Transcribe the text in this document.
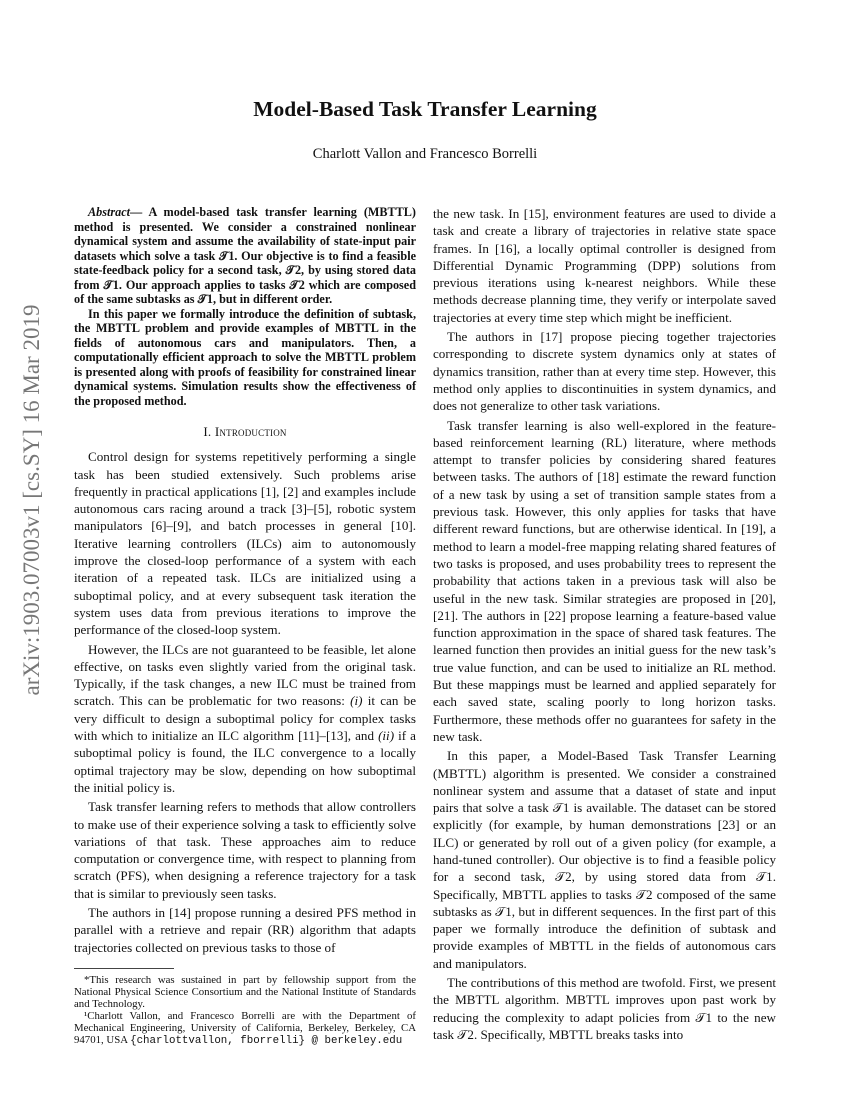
arXiv:1903.07003v1 [cs.SY] 16 Mar 2019
Model-Based Task Transfer Learning
Charlott Vallon and Francesco Borrelli

Abstract— A model-based task transfer learning (MBTTL) method is presented. We consider a constrained nonlinear dynamical system and assume the availability of state-input pair datasets which solve a task 𝒯1. Our objective is to find a feasible state-feedback policy for a second task, 𝒯2, by using stored data from 𝒯1. Our approach applies to tasks 𝒯2 which are composed of the same subtasks as 𝒯1, but in different order.

In this paper we formally introduce the definition of subtask, the MBTTL problem and provide examples of MBTTL in the fields of autonomous cars and manipulators. Then, a computationally efficient approach to solve the MBTTL problem is presented along with proofs of feasibility for constrained linear dynamical systems. Simulation results show the effectiveness of the proposed method.

I. Introduction

Control design for systems repetitively performing a single task has been studied extensively. Such problems arise frequently in practical applications [1], [2] and examples include autonomous cars racing around a track [3]–[5], robotic system manipulators [6]–[9], and batch processes in general [10]. Iterative learning controllers (ILCs) aim to autonomously improve the closed-loop performance of a system with each iteration of a repeated task. ILCs are initialized using a suboptimal policy, and at every subsequent task iteration the system uses data from previous iterations to improve the performance of the closed-loop system.

However, the ILCs are not guaranteed to be feasible, let alone effective, on tasks even slightly varied from the original task. Typically, if the task changes, a new ILC must be trained from scratch. This can be problematic for two reasons: (i) it can be very difficult to design a suboptimal policy for complex tasks with which to initialize an ILC algorithm [11]–[13], and (ii) if a suboptimal policy is found, the ILC convergence to a locally optimal trajectory may be slow, depending on how suboptimal the initial policy is.

Task transfer learning refers to methods that allow controllers to make use of their experience solving a task to efficiently solve variations of that task. These approaches aim to reduce computation or convergence time, with respect to planning from scratch (PFS), when designing a reference trajectory for a task that is similar to previously seen tasks.

The authors in [14] propose running a desired PFS method in parallel with a retrieve and repair (RR) algorithm that adapts trajectories collected on previous tasks to those of

*This research was sustained in part by fellowship support from the National Physical Science Consortium and the National Institute of Standards and Technology.

¹Charlott Vallon, and Francesco Borrelli are with the Department of Mechanical Engineering, University of California, Berkeley, Berkeley, CA 94701, USA {charlottvallon, fborrelli} @ berkeley.edu

the new task. In [15], environment features are used to divide a task and create a library of trajectories in relative state space frames. In [16], a locally optimal controller is designed from Differential Dynamic Programming (DPP) solutions from previous iterations using k-nearest neighbors. While these methods decrease planning time, they verify or interpolate saved trajectories at every time step which might be inefficient.

The authors in [17] propose piecing together trajectories corresponding to discrete system dynamics only at states of dynamics transition, rather than at every time step. However, this method only applies to discontinuities in system dynamics, and does not generalize to other task variations.

Task transfer learning is also well-explored in the feature-based reinforcement learning (RL) literature, where methods attempt to transfer policies by considering shared features between tasks. The authors of [18] estimate the reward function of a new task by using a set of transition sample states from a previous task. However, this only applies for tasks that have different reward functions, but are otherwise identical. In [19], a method to learn a model-free mapping relating shared features of two tasks is proposed, and uses probability trees to represent the probability that actions taken in a previous task will also be useful in the new task. Similar strategies are proposed in [20], [21]. The authors in [22] propose learning a feature-based value function approximation in the space of shared task features. The learned function then provides an initial guess for the new task’s true value function, and can be used to initialize an RL method. But these mappings must be learned and applied separately for each saved state, scaling poorly to long horizon tasks. Furthermore, these methods offer no guarantees for safety in the new task.

In this paper, a Model-Based Task Transfer Learning (MBTTL) algorithm is presented. We consider a constrained nonlinear system and assume that a dataset of state and input pairs that solve a task 𝒯1 is available. The dataset can be stored explicitly (for example, by human demonstrations [23] or an ILC) or generated by roll out of a given policy (for example, a hand-tuned controller). Our objective is to find a feasible policy for a second task, 𝒯2, by using stored data from 𝒯1. Specifically, MBTTL applies to tasks 𝒯2 composed of the same subtasks as 𝒯1, but in different sequences. In the first part of this paper we formally introduce the definition of subtask and provide examples of MBTTL in the fields of autonomous cars and manipulators.

The contributions of this method are twofold. First, we present the MBTTL algorithm. MBTTL improves upon past work by reducing the complexity to adapt policies from 𝒯1 to the new task 𝒯2. Specifically, MBTTL breaks tasks into
